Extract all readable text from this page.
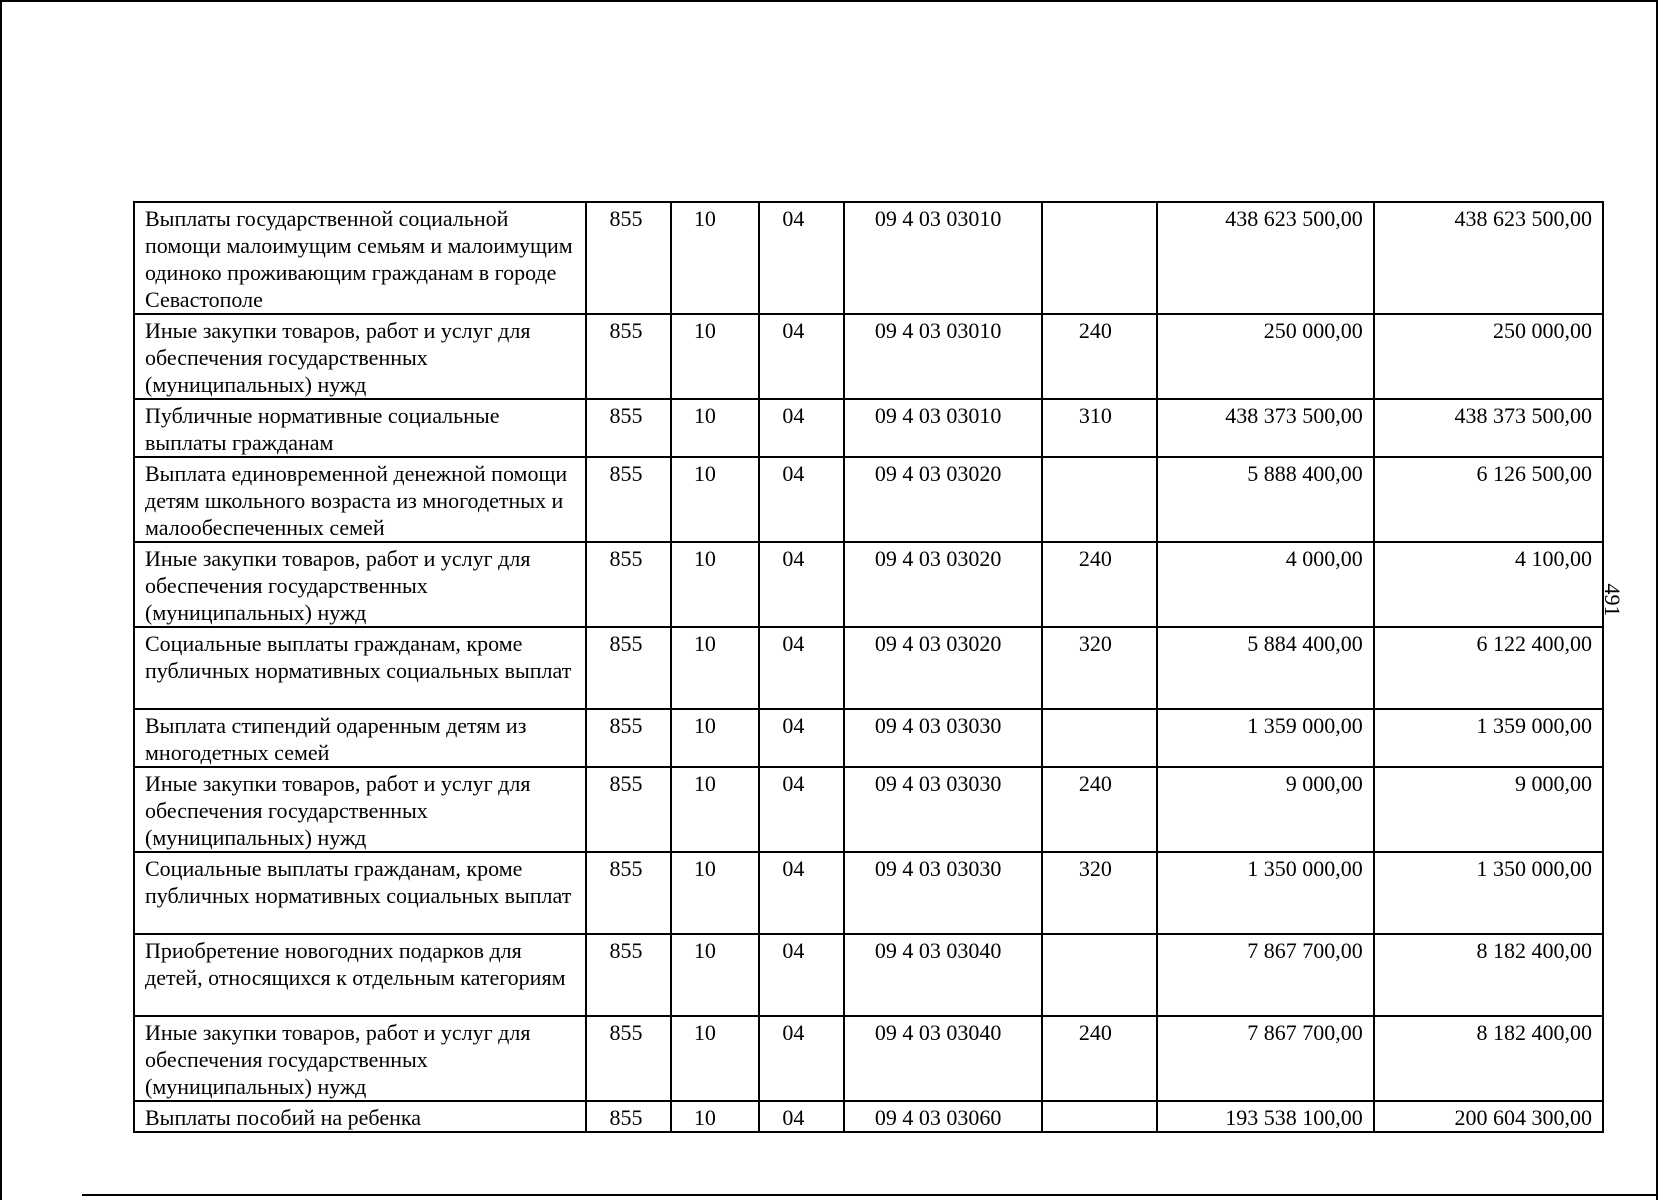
491
Выплаты государственной социальной помощи малоимущим семьям и малоимущим одиноко проживающим гражданам в городе Севастополе	855	10	04	09 4 03 03010		438 623 500,00	438 623 500,00
Иные закупки товаров, работ и услуг для обеспечения государственных (муниципальных) нужд	855	10	04	09 4 03 03010	240	250 000,00	250 000,00
Публичные нормативные социальные выплаты гражданам	855	10	04	09 4 03 03010	310	438 373 500,00	438 373 500,00
Выплата единовременной денежной помощи детям школьного возраста из многодетных и малообеспеченных семей	855	10	04	09 4 03 03020		5 888 400,00	6 126 500,00
Иные закупки товаров, работ и услуг для обеспечения государственных (муниципальных) нужд	855	10	04	09 4 03 03020	240	4 000,00	4 100,00
Социальные выплаты гражданам, кроме публичных нормативных социальных выплат	855	10	04	09 4 03 03020	320	5 884 400,00	6 122 400,00
Выплата стипендий одаренным детям из многодетных семей	855	10	04	09 4 03 03030		1 359 000,00	1 359 000,00
Иные закупки товаров, работ и услуг для обеспечения государственных (муниципальных) нужд	855	10	04	09 4 03 03030	240	9 000,00	9 000,00
Социальные выплаты гражданам, кроме публичных нормативных социальных выплат	855	10	04	09 4 03 03030	320	1 350 000,00	1 350 000,00
Приобретение новогодних подарков для детей, относящихся к отдельным категориям	855	10	04	09 4 03 03040		7 867 700,00	8 182 400,00
Иные закупки товаров, работ и услуг для обеспечения государственных (муниципальных) нужд	855	10	04	09 4 03 03040	240	7 867 700,00	8 182 400,00
Выплаты пособий на ребенка	855	10	04	09 4 03 03060		193 538 100,00	200 604 300,00
